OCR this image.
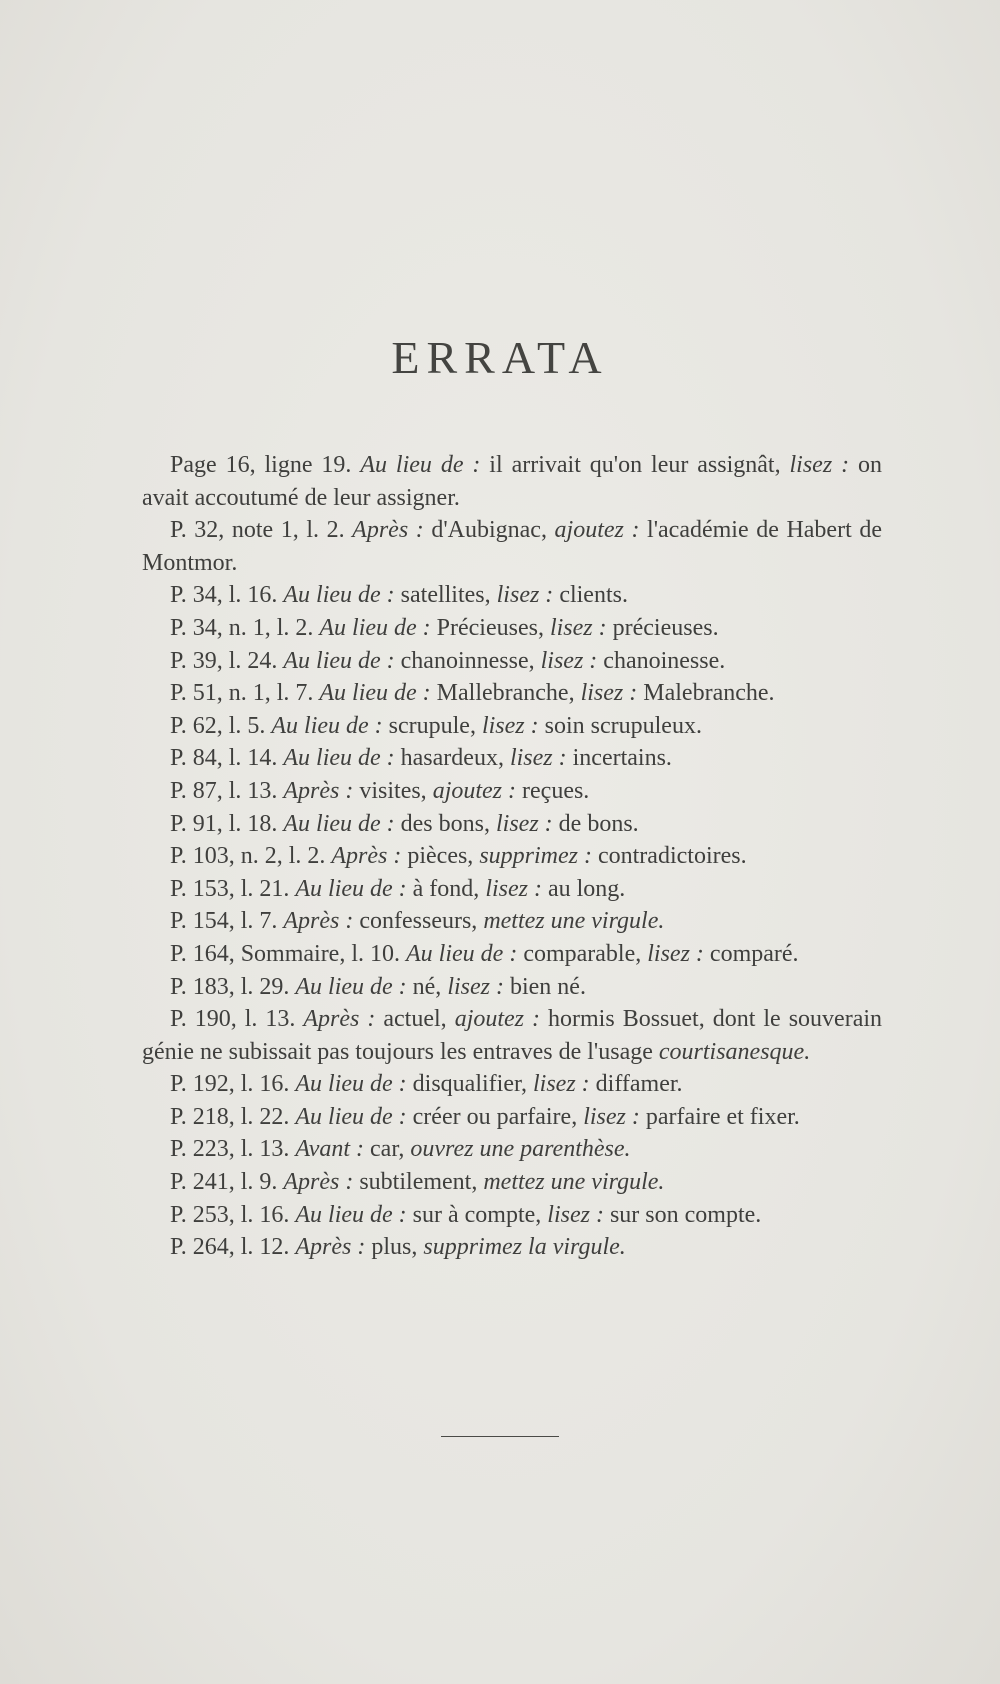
ERRATA
Page 16, ligne 19. Au lieu de : il arrivait qu'on leur assignât, lisez : on avait accoutumé de leur assigner.
P. 32, note 1, l. 2. Après : d'Aubignac, ajoutez : l'académie de Habert de Montmor.
P. 34, l. 16. Au lieu de : satellites, lisez : clients.
P. 34, n. 1, l. 2. Au lieu de : Précieuses, lisez : précieuses.
P. 39, l. 24. Au lieu de : chanoinnesse, lisez : chanoinesse.
P. 51, n. 1, l. 7. Au lieu de : Mallebranche, lisez : Malebranche.
P. 62, l. 5. Au lieu de : scrupule, lisez : soin scrupuleux.
P. 84, l. 14. Au lieu de : hasardeux, lisez : incertains.
P. 87, l. 13. Après : visites, ajoutez : reçues.
P. 91, l. 18. Au lieu de : des bons, lisez : de bons.
P. 103, n. 2, l. 2. Après : pièces, supprimez : contradictoires.
P. 153, l. 21. Au lieu de : à fond, lisez : au long.
P. 154, l. 7. Après : confesseurs, mettez une virgule.
P. 164, Sommaire, l. 10. Au lieu de : comparable, lisez : comparé.
P. 183, l. 29. Au lieu de : né, lisez : bien né.
P. 190, l. 13. Après : actuel, ajoutez : hormis Bossuet, dont le souverain génie ne subissait pas toujours les entraves de l'usage courtisanesque.
P. 192, l. 16. Au lieu de : disqualifier, lisez : diffamer.
P. 218, l. 22. Au lieu de : créer ou parfaire, lisez : parfaire et fixer.
P. 223, l. 13. Avant : car, ouvrez une parenthèse.
P. 241, l. 9. Après : subtilement, mettez une virgule.
P. 253, l. 16. Au lieu de : sur à compte, lisez : sur son compte.
P. 264, l. 12. Après : plus, supprimez la virgule.
